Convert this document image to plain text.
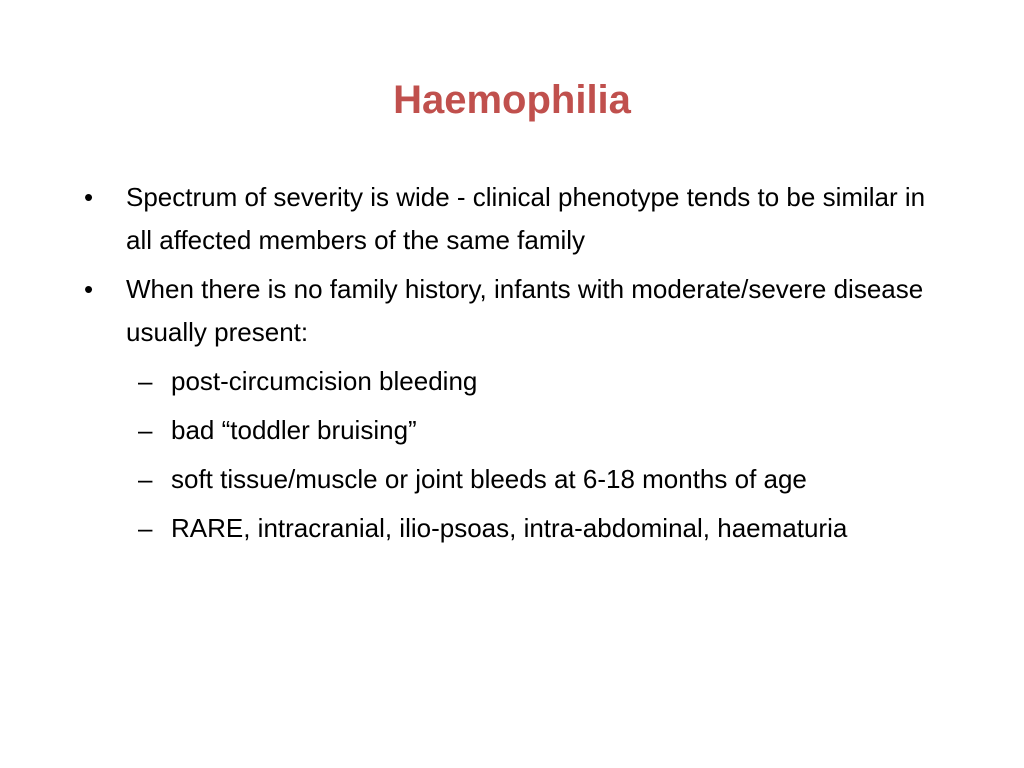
Haemophilia
• Spectrum of severity is wide - clinical phenotype tends to be similar in all affected members of the same family
• When there is no family history, infants with moderate/severe disease usually present:
– post-circumcision bleeding
– bad “toddler bruising”
– soft tissue/muscle or joint bleeds at 6-18 months of age
– RARE, intracranial, ilio-psoas, intra-abdominal, haematuria
